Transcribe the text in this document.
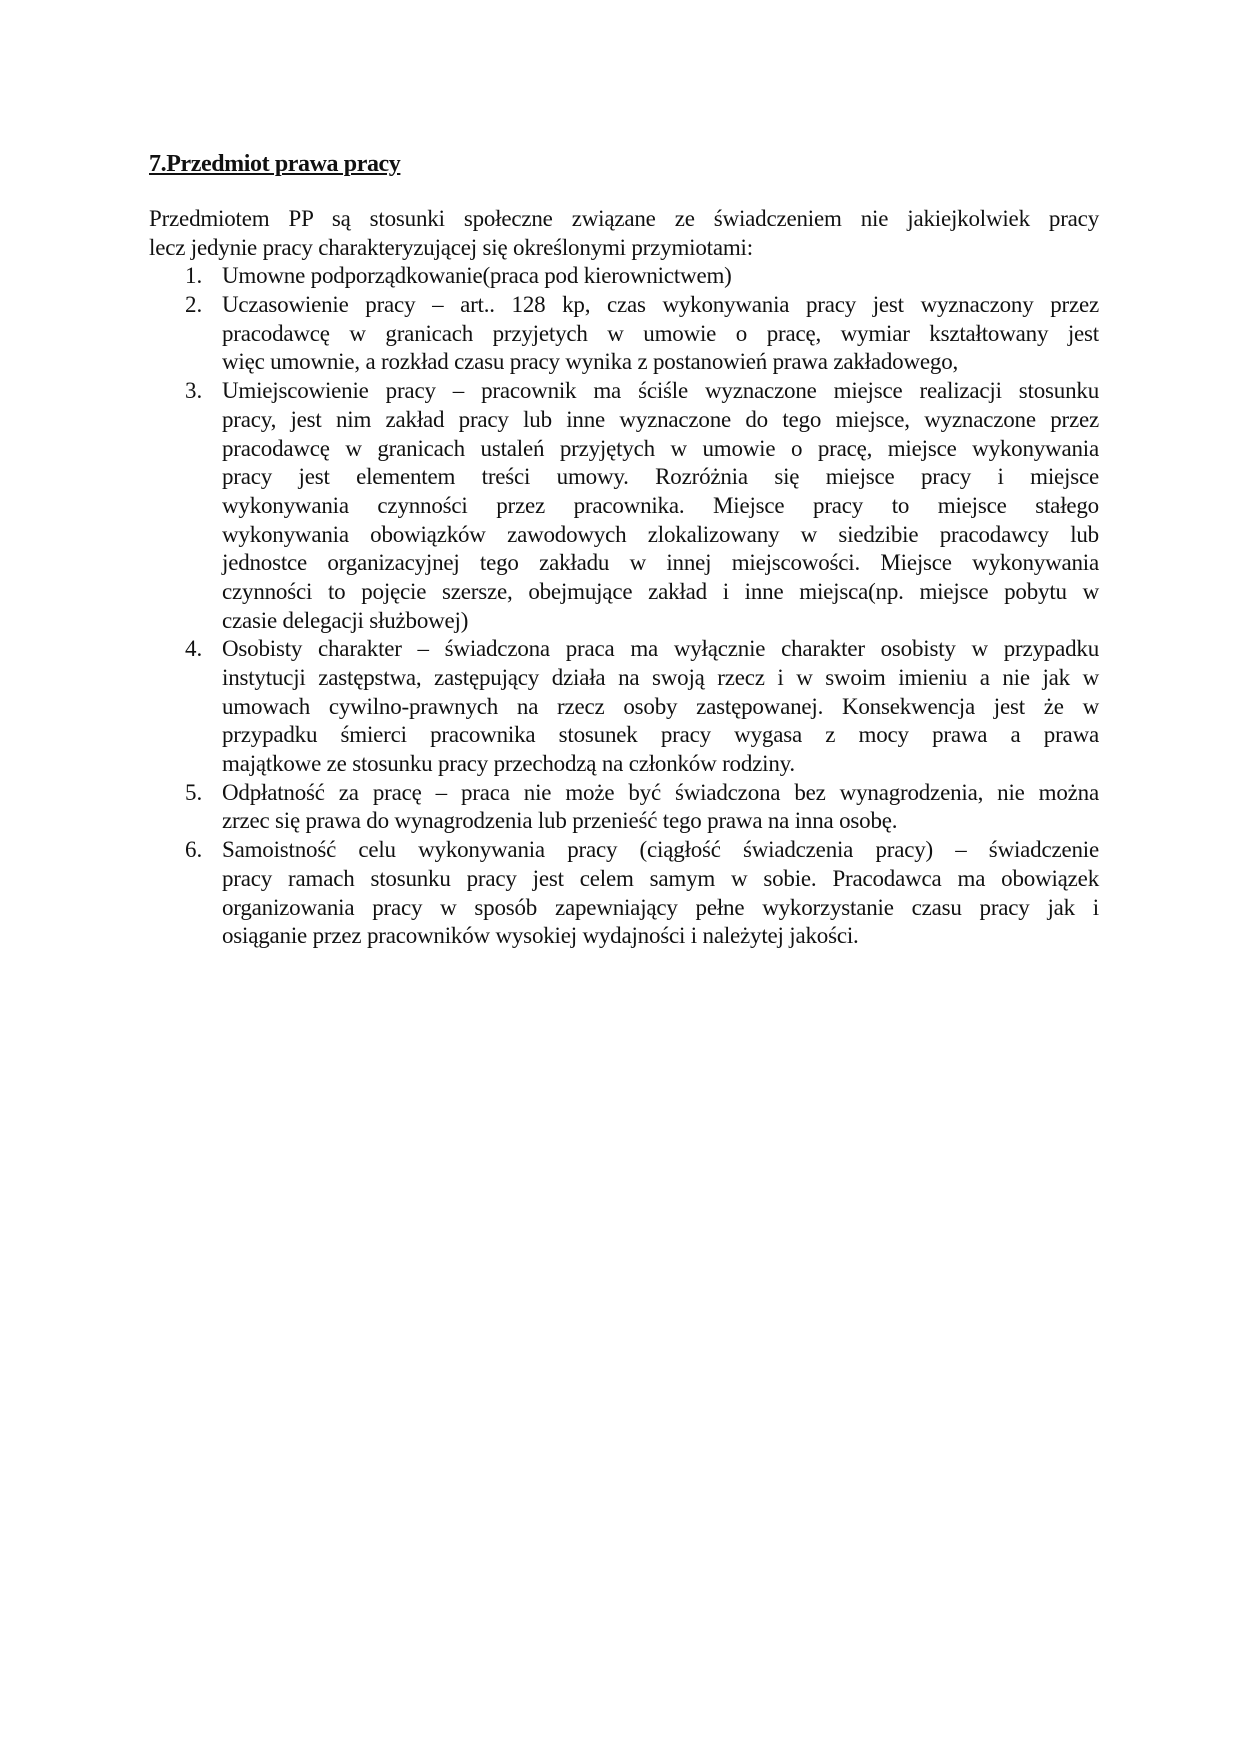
7.Przedmiot prawa pracy
Przedmiotem PP są stosunki społeczne związane ze świadczeniem nie jakiejkolwiek pracy
lecz jedynie pracy charakteryzującej się określonymi przymiotami:
1. Umowne podporządkowanie(praca pod kierownictwem)
2. Uczasowienie pracy – art.. 128 kp, czas wykonywania pracy jest wyznaczony przez
pracodawcę w granicach przyjetych w umowie o pracę, wymiar kształtowany jest
więc umownie, a rozkład czasu pracy wynika z postanowień prawa zakładowego,
3. Umiejscowienie pracy – pracownik ma ściśle wyznaczone miejsce realizacji stosunku
pracy, jest nim zakład pracy lub inne wyznaczone do tego miejsce, wyznaczone przez
pracodawcę w granicach ustaleń przyjętych w umowie o pracę, miejsce wykonywania
pracy jest elementem treści umowy. Rozróżnia się miejsce pracy i miejsce
wykonywania czynności przez pracownika. Miejsce pracy to miejsce stałego
wykonywania obowiązków zawodowych zlokalizowany w siedzibie pracodawcy lub
jednostce organizacyjnej tego zakładu w innej miejscowości. Miejsce wykonywania
czynności to pojęcie szersze, obejmujące zakład i inne miejsca(np. miejsce pobytu w
czasie delegacji służbowej)
4. Osobisty charakter – świadczona praca ma wyłącznie charakter osobisty w przypadku
instytucji zastępstwa, zastępujący działa na swoją rzecz i w swoim imieniu a nie jak w
umowach cywilno-prawnych na rzecz osoby zastępowanej. Konsekwencja jest że w
przypadku śmierci pracownika stosunek pracy wygasa z mocy prawa a prawa
majątkowe ze stosunku pracy przechodzą na członków rodziny.
5. Odpłatność za pracę – praca nie może być świadczona bez wynagrodzenia, nie można
zrzec się prawa do wynagrodzenia lub przenieść tego prawa na inna osobę.
6. Samoistność celu wykonywania pracy (ciągłość świadczenia pracy) – świadczenie
pracy ramach stosunku pracy jest celem samym w sobie. Pracodawca ma obowiązek
organizowania pracy w sposób zapewniający pełne wykorzystanie czasu pracy jak i
osiąganie przez pracowników wysokiej wydajności i należytej jakości.
